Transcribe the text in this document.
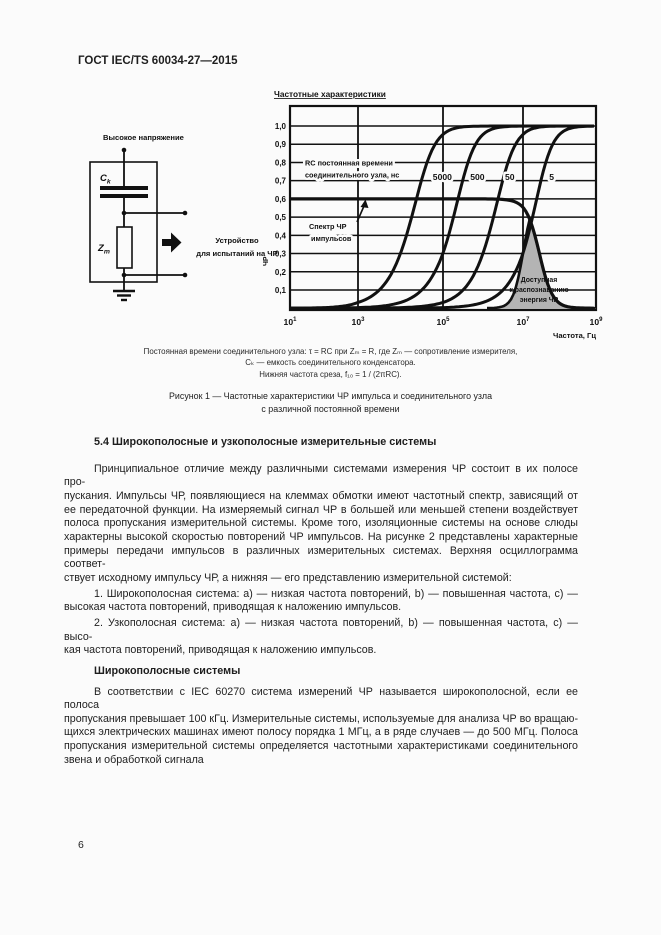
ГОСТ IEC/TS 60034-27—2015
Высокое напряжение
$C_k$
$Z_m$
Устройство
для испытаний на ЧР
5000 500 50	5
RC постоянная времени
соединительного узла, нс
Спектр ЧР
импульсов
Доступная
к распознаванию
энергия ЧР
1,0
0,9
0,8
0,7
0,6
0,5
0,4
0,3
0,2
0,1
$10^1$	$10^3$	$10^5$	$10^7$	$10^9$
Частотные характеристики
Частота, Гц
ЧР
Постоянная времени соединительного узла: τ = RC при Zₘ = R, где Zₘ — сопротивление измерителя,
Cₖ — емкость соединительного конденсатора.
Нижняя частота среза, f₁₀ = 1 / (2πRC).
Рисунок 1 — Частотные характеристики ЧР импульса и соединительного узла
с различной постоянной времени
5.4 Широкополосные и узкополосные измерительные системы
Принципиальное отличие между различными системами измерения ЧР состоит в их полосе про-
пускания. Импульсы ЧР, появляющиеся на клеммах обмотки имеют частотный спектр, зависящий от
ее передаточной функции. На измеряемый сигнал ЧР в большей или меньшей степени воздействует
полоса пропускания измерительной системы. Кроме того, изоляционные системы на основе слюды
характерны высокой скоростью повторений ЧР импульсов. На рисунке 2 представлены характерные
примеры передачи импульсов в различных измерительных системах. Верхняя осциллограмма соответ-
ствует исходному импульсу ЧР, а нижняя — его представлению измерительной системой:
1. Широкополосная система: a) — низкая частота повторений, b) — повышенная частота, c) —
высокая частота повторений, приводящая к наложению импульсов.
2. Узкополосная система: a) — низкая частота повторений, b) — повышенная частота, c) — высо-
кая частота повторений, приводящая к наложению импульсов.
Широкополосные системы
В соответствии с IEC 60270 система измерений ЧР называется широкополосной, если ее полоса
пропускания превышает 100 кГц. Измерительные системы, используемые для анализа ЧР во вращаю-
щихся электрических машинах имеют полосу порядка 1 МГц, а в ряде случаев — до 500 МГц. Полоса
пропускания измерительной системы определяется частотными характеристиками соединительного
звена и обработкой сигнала
6
